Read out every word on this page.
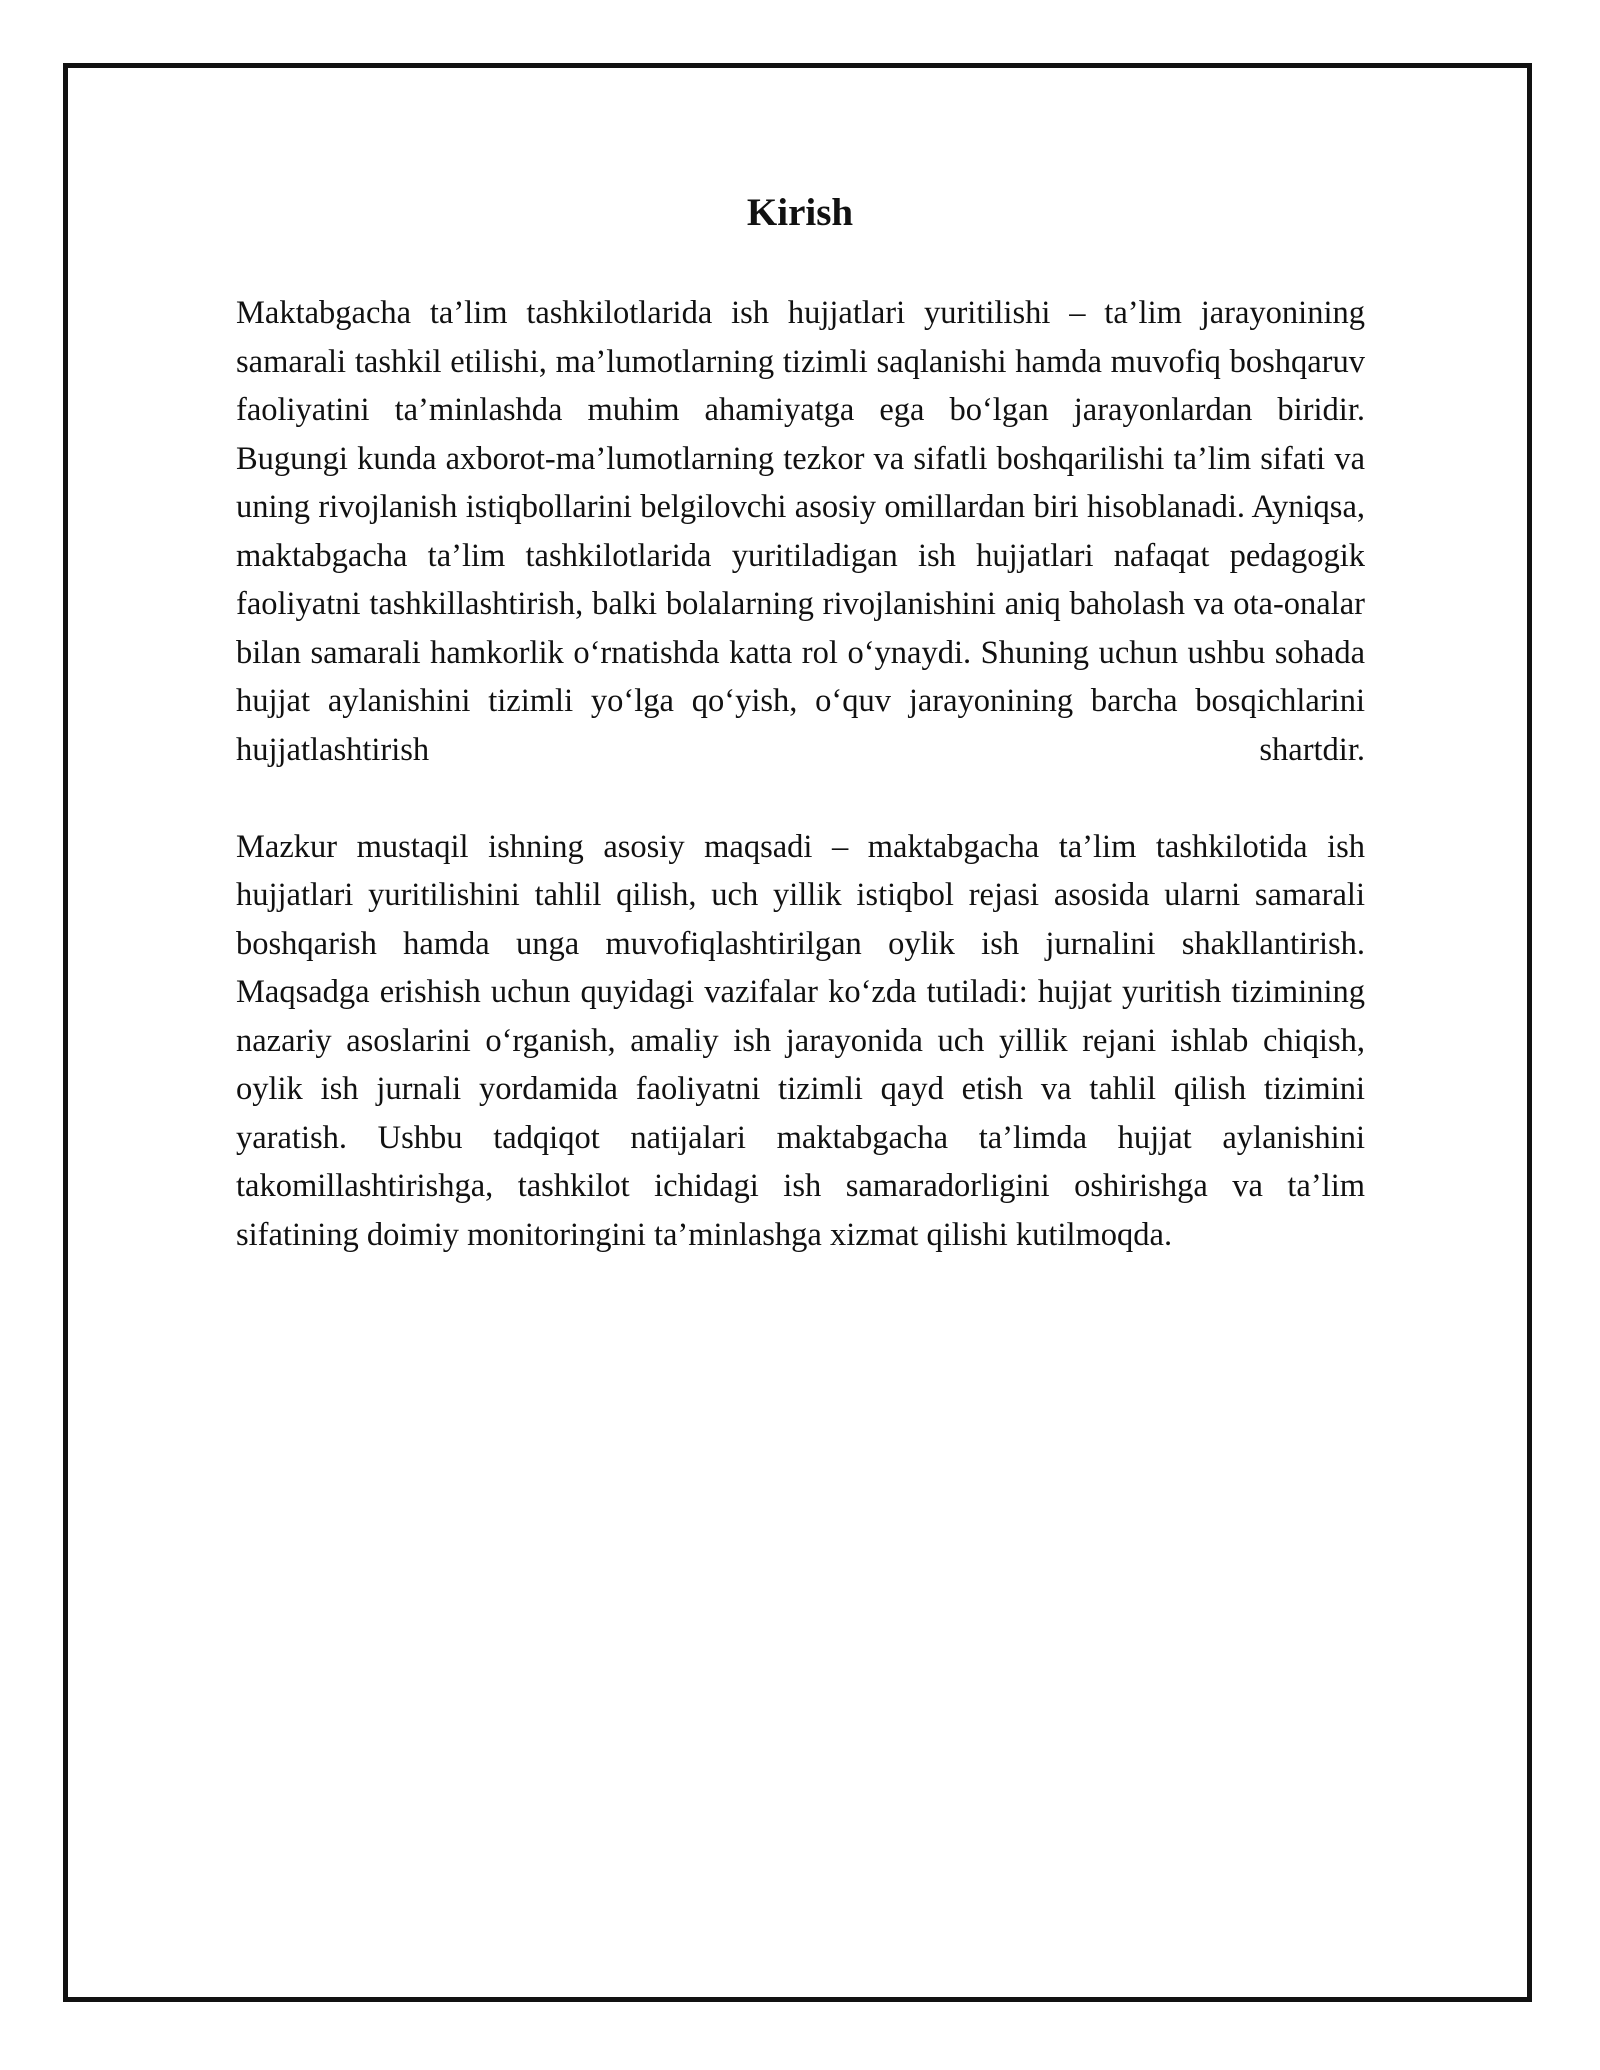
Kirish

Maktabgacha ta’lim tashkilotlarida ish hujjatlari yuritilishi – ta’lim jarayonining samarali tashkil etilishi, ma’lumotlarning tizimli saqlanishi hamda muvofiq boshqaruv faoliyatini ta’minlashda muhim ahamiyatga ega bo‘lgan jarayonlardan biridir. Bugungi kunda axborot-ma’lumotlarning tezkor va sifatli boshqarilishi ta’lim sifati va uning rivojlanish istiqbollarini belgilovchi asosiy omillardan biri hisoblanadi. Ayniqsa, maktabgacha ta’lim tashkilotlarida yuritiladigan ish hujjatlari nafaqat pedagogik faoliyatni tashkillashtirish, balki bolalarning rivojlanishini aniq baholash va ota-onalar bilan samarali hamkorlik o‘rnatishda katta rol o‘ynaydi. Shuning uchun ushbu sohada hujjat aylanishini tizimli yo‘lga qo‘yish, o‘quv jarayonining barcha bosqichlarini hujjatlashtirish shartdir.

Mazkur mustaqil ishning asosiy maqsadi – maktabgacha ta’lim tashkilotida ish hujjatlari yuritilishini tahlil qilish, uch yillik istiqbol rejasi asosida ularni samarali boshqarish hamda unga muvofiqlashtirilgan oylik ish jurnalini shakllantirish. Maqsadga erishish uchun quyidagi vazifalar ko‘zda tutiladi: hujjat yuritish tizimining nazariy asoslarini o‘rganish, amaliy ish jarayonida uch yillik rejani ishlab chiqish, oylik ish jurnali yordamida faoliyatni tizimli qayd etish va tahlil qilish tizimini yaratish. Ushbu tadqiqot natijalari maktabgacha ta’limda hujjat aylanishini takomillashtirishga, tashkilot ichidagi ish samaradorligini oshirishga va ta’lim sifatining doimiy monitoringini ta’minlashga xizmat qilishi kutilmoqda.
